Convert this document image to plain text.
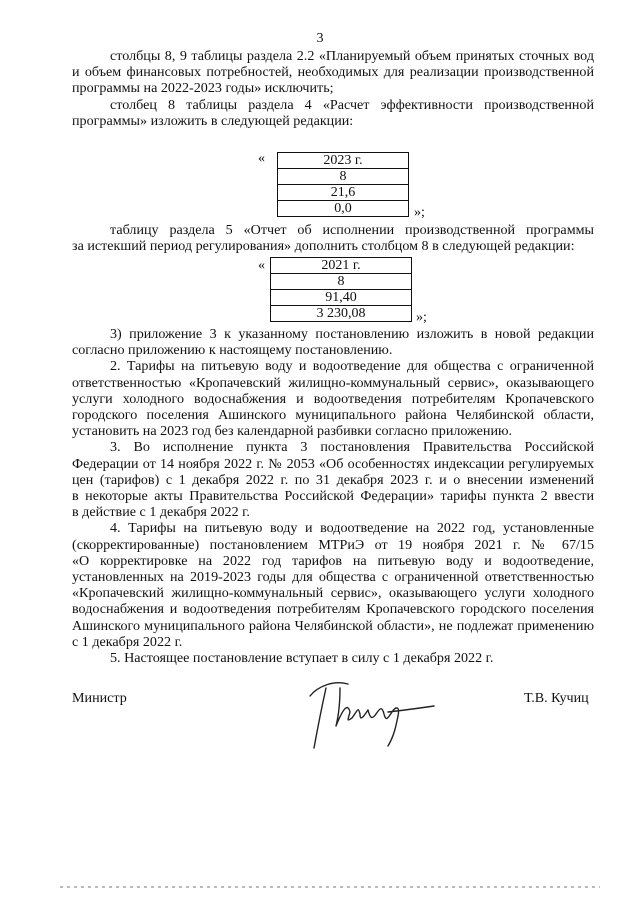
3
столбцы 8, 9 таблицы раздела 2.2 «Планируемый объем принятых сточных вод
и объем финансовых потребностей, необходимых для реализации производственной
программы на 2022-2023 годы» исключить;
столбец 8 таблицы раздела 4 «Расчет эффективности производственной
программы» изложить в следующей редакции:
«	2023 г.
8
21,6
0,0	»;
таблицу раздела 5 «Отчет об исполнении производственной программы
за истекший период регулирования» дополнить столбцом 8 в следующей редакции:
«	2021 г.
8
91,40
3 230,08	»;
3) приложение 3 к указанному постановлению изложить в новой редакции
согласно приложению к настоящему постановлению.
2. Тарифы на питьевую воду и водоотведение для общества с ограниченной
ответственностью «Кропачевский жилищно-коммунальный сервис», оказывающего
услуги холодного водоснабжения и водоотведения потребителям Кропачевского
городского поселения Ашинского муниципального района Челябинской области,
установить на 2023 год без календарной разбивки согласно приложению.
3. Во исполнение пункта 3 постановления Правительства Российской
Федерации от 14 ноября 2022 г. № 2053 «Об особенностях индексации регулируемых
цен (тарифов) с 1 декабря 2022 г. по 31 декабря 2023 г. и о внесении изменений
в некоторые акты Правительства Российской Федерации» тарифы пункта 2 ввести
в действие с 1 декабря 2022 г.
4. Тарифы на питьевую воду и водоотведение на 2022 год, установленные
(скорректированные) постановлением МТРиЭ от 19 ноября 2021 г. № 67/15
«О корректировке на 2022 год тарифов на питьевую воду и водоотведение,
установленных на 2019-2023 годы для общества с ограниченной ответственностью
«Кропачевский жилищно-коммунальный сервис», оказывающего услуги холодного
водоснабжения и водоотведения потребителям Кропачевского городского поселения
Ашинского муниципального района Челябинской области», не подлежат применению
с 1 декабря 2022 г.
5. Настоящее постановление вступает в силу с 1 декабря 2022 г.
Министр	Т.В. Кучиц
